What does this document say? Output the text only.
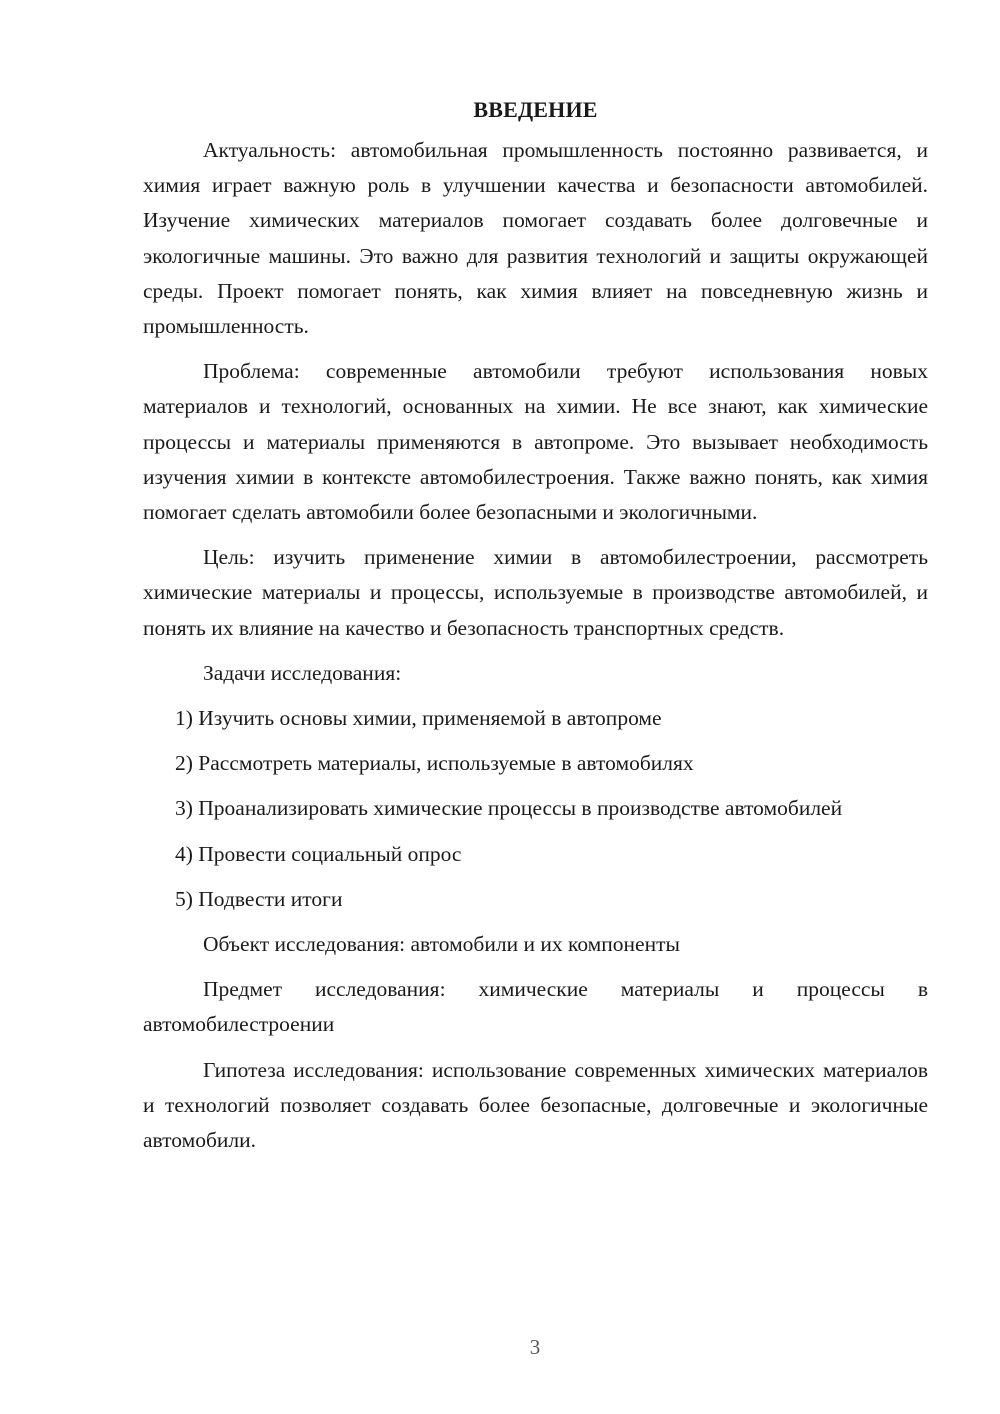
ВВЕДЕНИЕ

Актуальность: автомобильная промышленность постоянно развивается, и химия играет важную роль в улучшении качества и безопасности автомобилей. Изучение химических материалов помогает создавать более долговечные и экологичные машины. Это важно для развития технологий и защиты окружающей среды. Проект помогает понять, как химия влияет на повседневную жизнь и промышленность.

Проблема: современные автомобили требуют использования новых материалов и технологий, основанных на химии. Не все знают, как химические процессы и материалы применяются в автопроме. Это вызывает необходимость изучения химии в контексте автомобилестроения. Также важно понять, как химия помогает сделать автомобили более безопасными и экологичными.

Цель: изучить применение химии в автомобилестроении, рассмотреть химические материалы и процессы, используемые в производстве автомобилей, и понять их влияние на качество и безопасность транспортных средств.

Задачи исследования:

1) Изучить основы химии, применяемой в автопроме

2) Рассмотреть материалы, используемые в автомобилях

3) Проанализировать химические процессы в производстве автомобилей

4) Провести социальный опрос

5) Подвести итоги

Объект исследования: автомобили и их компоненты

Предмет исследования: химические материалы и процессы в автомобилестроении

Гипотеза исследования: использование современных химических материалов и технологий позволяет создавать более безопасные, долговечные и экологичные автомобили.

3
